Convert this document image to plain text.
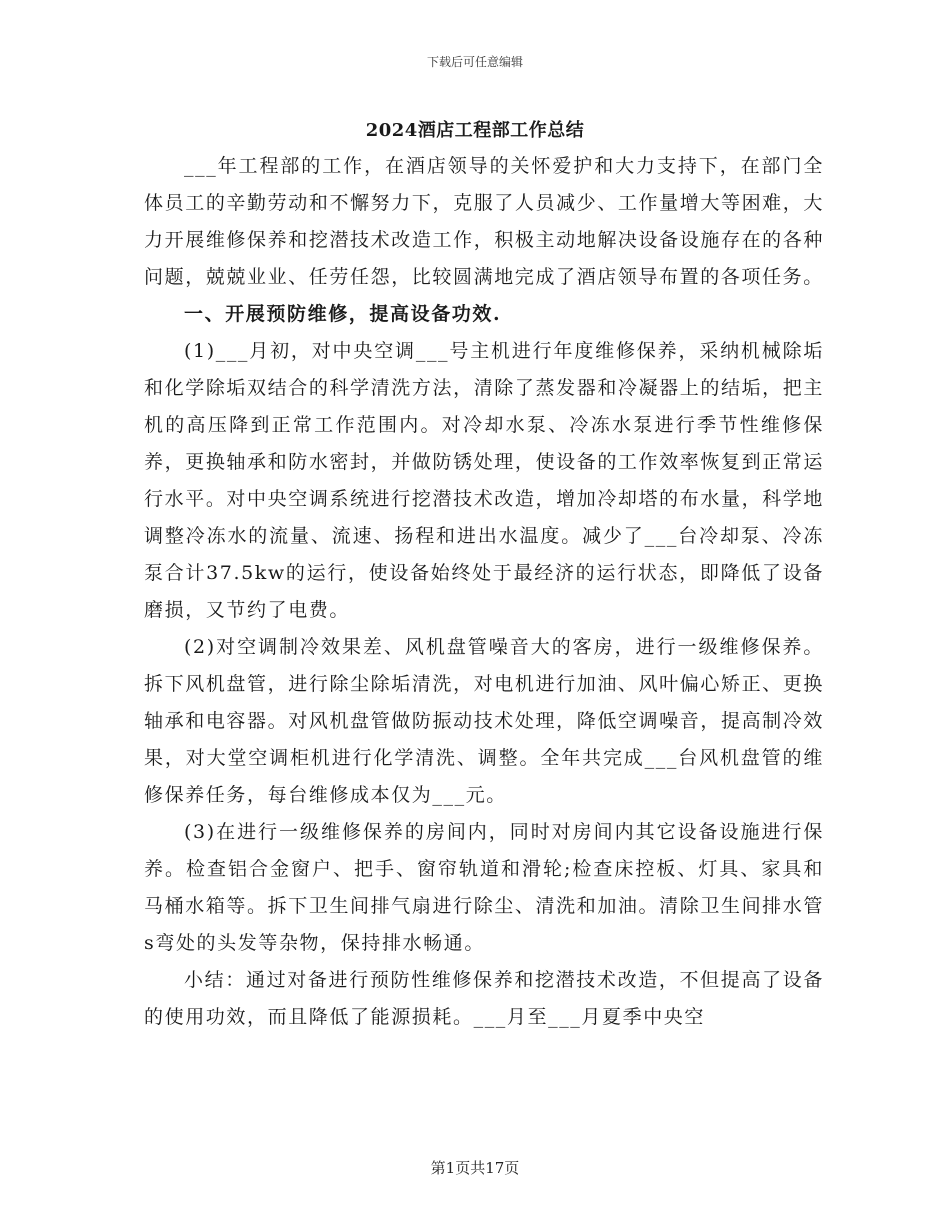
下载后可任意编辑
2024酒店工程部工作总结

___年工程部的工作，在酒店领导的关怀爱护和大力支持下，在部门全体员工的辛勤劳动和不懈努力下，克服了人员减少、工作量增大等困难，大力开展维修保养和挖潜技术改造工作，积极主动地解决设备设施存在的各种问题，兢兢业业、任劳任怨，比较圆满地完成了酒店领导布置的各项任务。

一、开展预防维修，提高设备功效.

(1)___月初，对中央空调___号主机进行年度维修保养，采纳机械除垢和化学除垢双结合的科学清洗方法，清除了蒸发器和冷凝器上的结垢，把主机的高压降到正常工作范围内。对冷却水泵、冷冻水泵进行季节性维修保养，更换轴承和防水密封，并做防锈处理，使设备的工作效率恢复到正常运行水平。对中央空调系统进行挖潜技术改造，增加冷却塔的布水量，科学地调整冷冻水的流量、流速、扬程和进出水温度。减少了___台冷却泵、冷冻泵合计37.5kw的运行，使设备始终处于最经济的运行状态，即降低了设备磨损，又节约了电费。

(2)对空调制冷效果差、风机盘管噪音大的客房，进行一级维修保养。拆下风机盘管，进行除尘除垢清洗，对电机进行加油、风叶偏心矫正、更换轴承和电容器。对风机盘管做防振动技术处理，降低空调噪音，提高制冷效果，对大堂空调柜机进行化学清洗、调整。全年共完成___台风机盘管的维修保养任务，每台维修成本仅为___元。

(3)在进行一级维修保养的房间内，同时对房间内其它设备设施进行保养。检查铝合金窗户、把手、窗帘轨道和滑轮;检查床控板、灯具、家具和马桶水箱等。拆下卫生间排气扇进行除尘、清洗和加油。清除卫生间排水管s弯处的头发等杂物，保持排水畅通。

小结：通过对备进行预防性维修保养和挖潜技术改造，不但提高了设备的使用功效，而且降低了能源损耗。___月至___月夏季中央空

第1页共17页
